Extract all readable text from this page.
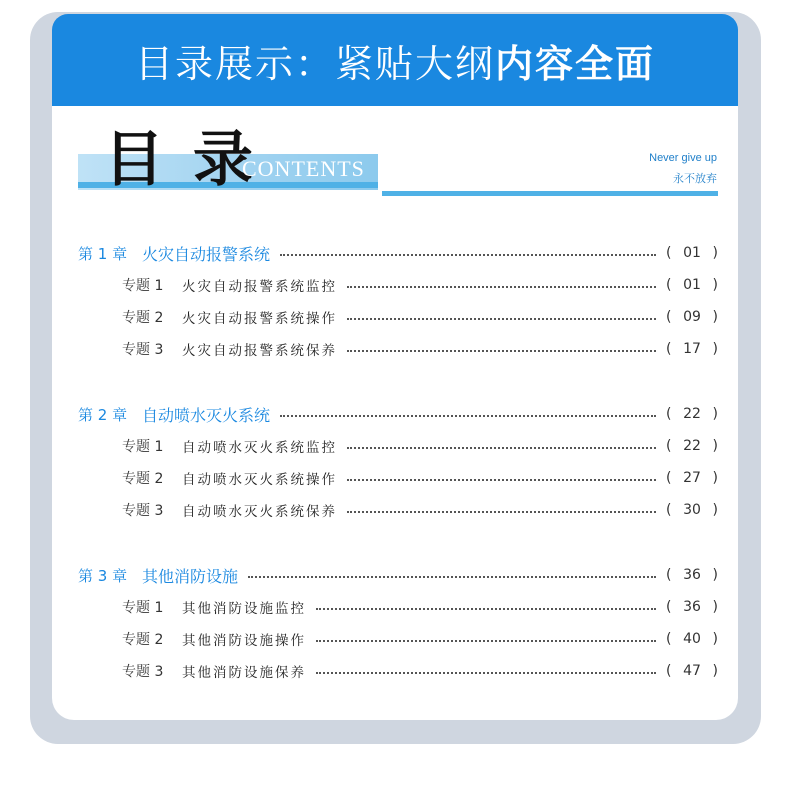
目录展示：紧贴大纲内容全面
目 录
CONTENTS	Never give up
永不放弃
第 1 章 火灾自动报警系统	( 01 )
专题 1	火灾自动报警系统监控	( 01 )
专题 2	火灾自动报警系统操作	( 09 )
专题 3	火灾自动报警系统保养	( 17 )
第 2 章 自动喷水灭火系统	( 22 )
专题 1	自动喷水灭火系统监控	( 22 )
专题 2	自动喷水灭火系统操作	( 27 )
专题 3	自动喷水灭火系统保养	( 30 )
第 3 章 其他消防设施	( 36 )
专题 1	其他消防设施监控	( 36 )
专题 2	其他消防设施操作	( 40 )
专题 3	其他消防设施保养	( 47 )
